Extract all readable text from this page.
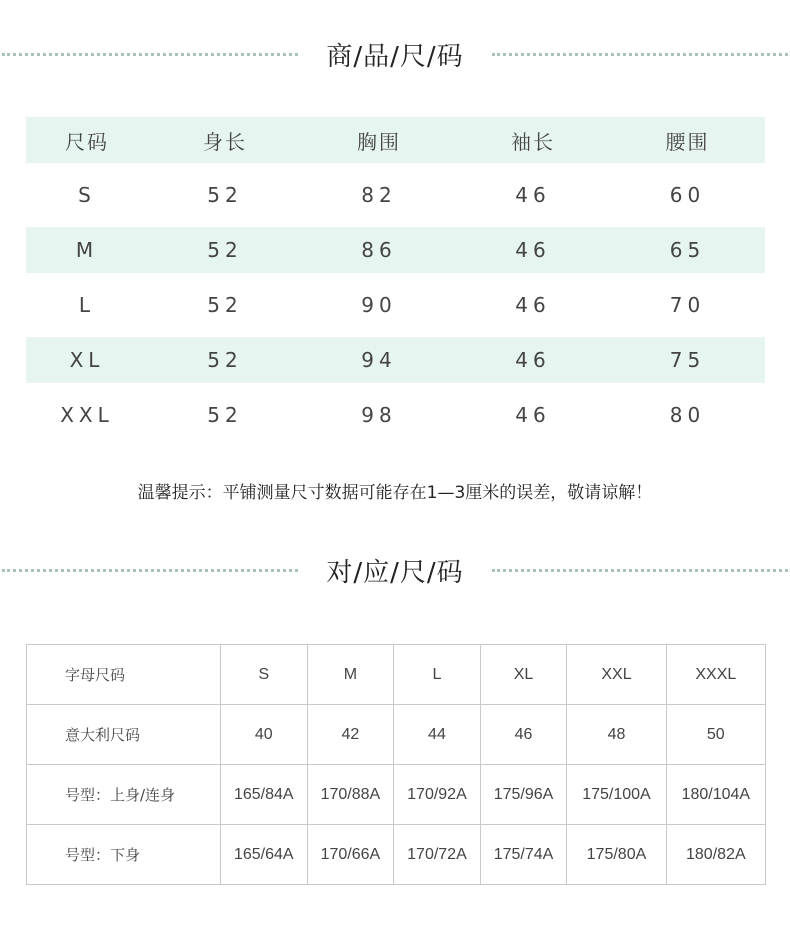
商/品/尺/码
尺码	身长	胸围	袖长	腰围
S	52	82	46	60
M	52	86	46	65
L	52	90	46	70
XL	52	94	46	75
XXL	52	98	46	80
温馨提示：平铺测量尺寸数据可能存在1—3厘米的误差，敬请谅解！
对/应/尺/码
字母尺码	S	M	L	XL	XXL	XXXL
意大利尺码	40	42	44	46	48	50
号型：上身/连身	165/84A	170/88A	170/92A	175/96A	175/100A	180/104A
号型：下身	165/64A	170/66A	170/72A	175/74A	175/80A	180/82A
